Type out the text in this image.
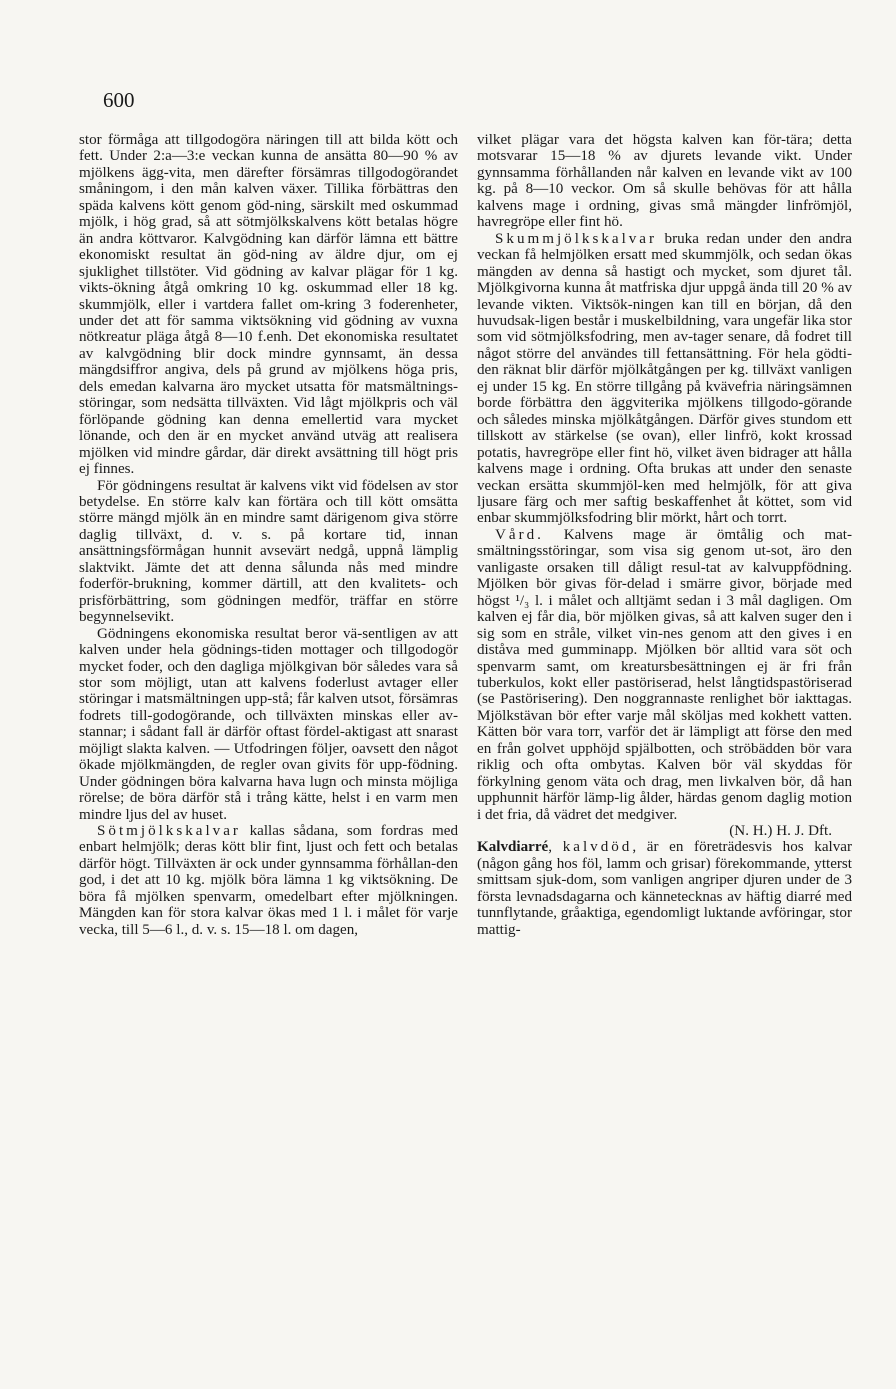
600

stor förmåga att tillgodogöra näringen till att bilda kött och fett. Under 2:a—3:e veckan kunna de ansätta 80—90 % av mjölkens ägg-vita, men därefter försämras tillgodogörandet småningom, i den mån kalven växer. Tillika förbättras den späda kalvens kött genom göd-ning, särskilt med oskummad mjölk, i hög grad, så att sötmjölkskalvens kött betalas högre än andra köttvaror. Kalvgödning kan därför lämna ett bättre ekonomiskt resultat än göd-ning av äldre djur, om ej sjuklighet tillstöter. Vid gödning av kalvar plägar för 1 kg. vikts-ökning åtgå omkring 10 kg. oskummad eller 18 kg. skummjölk, eller i vartdera fallet om-kring 3 foderenheter, under det att för samma viktsökning vid gödning av vuxna nötkreatur pläga åtgå 8—10 f.enh. Det ekonomiska resultatet av kalvgödning blir dock mindre gynnsamt, än dessa mängdsiffror angiva, dels på grund av mjölkens höga pris, dels emedan kalvarna äro mycket utsatta för matsmältnings-störingar, som nedsätta tillväxten. Vid lågt mjölkpris och väl förlöpande gödning kan denna emellertid vara mycket lönande, och den är en mycket använd utväg att realisera mjölken vid mindre gårdar, där direkt avsättning till högt pris ej finnes.

För gödningens resultat är kalvens vikt vid födelsen av stor betydelse. En större kalv kan förtära och till kött omsätta större mängd mjölk än en mindre samt därigenom giva större daglig tillväxt, d. v. s. på kortare tid, innan ansättningsförmågan hunnit avsevärt nedgå, uppnå lämplig slaktvikt. Jämte det att denna sålunda nås med mindre foderför-brukning, kommer därtill, att den kvalitets- och prisförbättring, som gödningen medför, träffar en större begynnelsevikt.

Gödningens ekonomiska resultat beror vä-sentligen av att kalven under hela gödnings-tiden mottager och tillgodogör mycket foder, och den dagliga mjölkgivan bör således vara så stor som möjligt, utan att kalvens foderlust avtager eller störingar i matsmältningen upp-stå; får kalven utsot, försämras fodrets till-godogörande, och tillväxten minskas eller av-stannar; i sådant fall är därför oftast fördel-aktigast att snarast möjligt slakta kalven. — Utfodringen följer, oavsett den något ökade mjölkmängden, de regler ovan givits för upp-födning. Under gödningen böra kalvarna hava lugn och minsta möjliga rörelse; de böra därför stå i trång kätte, helst i en varm men mindre ljus del av huset.

Sötmjölkskalvar kallas sådana, som fordras med enbart helmjölk; deras kött blir fint, ljust och fett och betalas därför högt. Tillväxten är ock under gynnsamma förhållan-den god, i det att 10 kg. mjölk böra lämna 1 kg viktsökning. De böra få mjölken spenvarm, omedelbart efter mjölkningen. Mängden kan för stora kalvar ökas med 1 l. i målet för varje vecka, till 5—6 l., d. v. s. 15—18 l. om dagen,

vilket plägar vara det högsta kalven kan för-tära; detta motsvarar 15—18 % av djurets levande vikt. Under gynnsamma förhållanden når kalven en levande vikt av 100 kg. på 8—10 veckor. Om så skulle behövas för att hålla kalvens mage i ordning, givas små mängder linfrömjöl, havregröpe eller fint hö.

Skummjölkskalvar bruka redan under den andra veckan få helmjölken ersatt med skummjölk, och sedan ökas mängden av denna så hastigt och mycket, som djuret tål. Mjölkgivorna kunna åt matfriska djur uppgå ända till 20 % av levande vikten. Viktsök-ningen kan till en början, då den huvudsak-ligen består i muskelbildning, vara ungefär lika stor som vid sötmjölksfodring, men av-tager senare, då fodret till något större del användes till fettansättning. För hela gödti-den räknat blir därför mjölkåtgången per kg. tillväxt vanligen ej under 15 kg. En större tillgång på kvävefria näringsämnen borde förbättra den äggviterika mjölkens tillgodo-görande och således minska mjölkåtgången. Därför gives stundom ett tillskott av stärkelse (se ovan), eller linfrö, kokt krossad potatis, havregröpe eller fint hö, vilket även bidrager att hålla kalvens mage i ordning. Ofta brukas att under den senaste veckan ersätta skummjöl-ken med helmjölk, för att giva ljusare färg och mer saftig beskaffenhet åt köttet, som vid enbar skummjölksfodring blir mörkt, hårt och torrt.

Vård. Kalvens mage är ömtålig och mat-smältningsstöringar, som visa sig genom ut-sot, äro den vanligaste orsaken till dåligt resul-tat av kalvuppfödning. Mjölken bör givas för-delad i smärre givor, började med högst ¹/₃ l. i målet och alltjämt sedan i 3 mål dagligen. Om kalven ej får dia, bör mjölken givas, så att kalven suger den i sig som en stråle, vilket vin-nes genom att den gives i en diståva med gumminapp. Mjölken bör alltid vara söt och spenvarm samt, om kreatursbesättningen ej är fri från tuberkulos, kokt eller pastöriserad, helst långtidspastöriserad (se Pastörisering). Den noggrannaste renlighet bör iakttagas. Mjölkstävan bör efter varje mål sköljas med kokhett vatten. Kätten bör vara torr, varför det är lämpligt att förse den med en från golvet upphöjd spjälbotten, och ströbädden bör vara riklig och ofta ombytas. Kalven bör väl skyddas för förkylning genom väta och drag, men livkalven bör, då han upphunnit härför lämp-lig ålder, härdas genom daglig motion i det fria, då vädret det medgiver.

(N. H.) H. J. Dft.

Kalvdiarré, kalvdöd, är en företrädesvis hos kalvar (någon gång hos föl, lamm och grisar) förekommande, ytterst smittsam sjuk-dom, som vanligen angriper djuren under de 3 första levnadsdagarna och kännetecknas av häftig diarré med tunnflytande, gråaktiga, egendomligt luktande avföringar, stor mattig-
